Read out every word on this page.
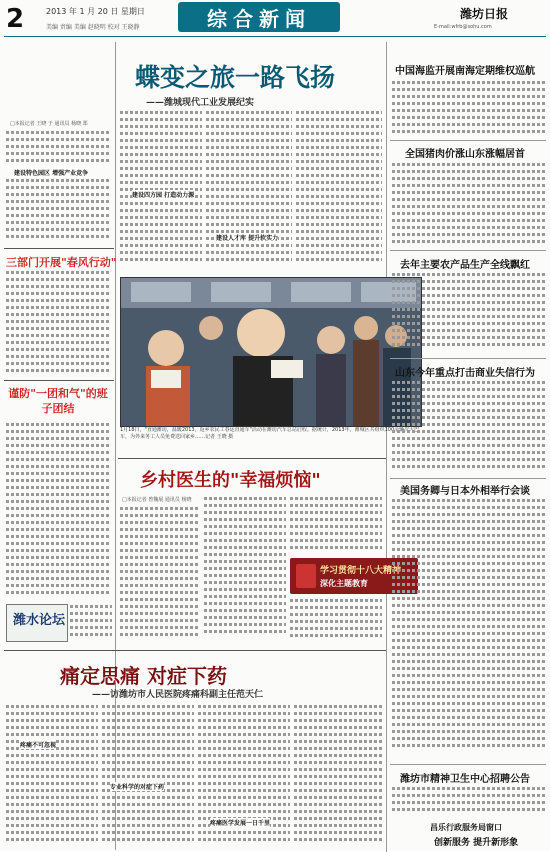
2	2013 年 1 月 20 日 星期日
美编 责编 美编 赵晓明 校对 王晓静	综合新闻	潍坊日报
E-mail:wfrb@sohu.com
蝶变之旅一路飞扬
——潍城现代工业发展纪实
□本报记者 王晓 于 通讯员 杨晓 郑
建设特色园区 增强产业竞争
建设四方园 打造动力源
建设人才库 提升软实力
三部门开展"春风行动"
谨防"一团和气"的班子团结
潍水论坛
1月18日，"直通潍坊，温暖2013，返乡农民工春运直通车"活动在潍坊汽车总站启程。据统计，2013年，潍城区共组织100余辆次大巴车，为外来务工人员免费送回家乡……记者 王晓 摄
乡村医生的"幸福烦恼"
□本报记者 曾魏展 通讯员 杨晓
学习贯彻十八大精神
深化主题教育
痛定思痛 对症下药
——访潍坊市人民医院疼痛科副主任范天仁
疼痛不可忽视
专业科学的对症下药
疼痛医学发展一日千里
中国海监开展南海定期维权巡航
全国猪肉价涨山东涨幅居首
去年主要农产品生产全线飘红
山东今年重点打击商业失信行为
美国务卿与日本外相举行会谈
潍坊市精神卫生中心招聘公告
昌乐行政服务局窗口
创新服务 提升新形象
